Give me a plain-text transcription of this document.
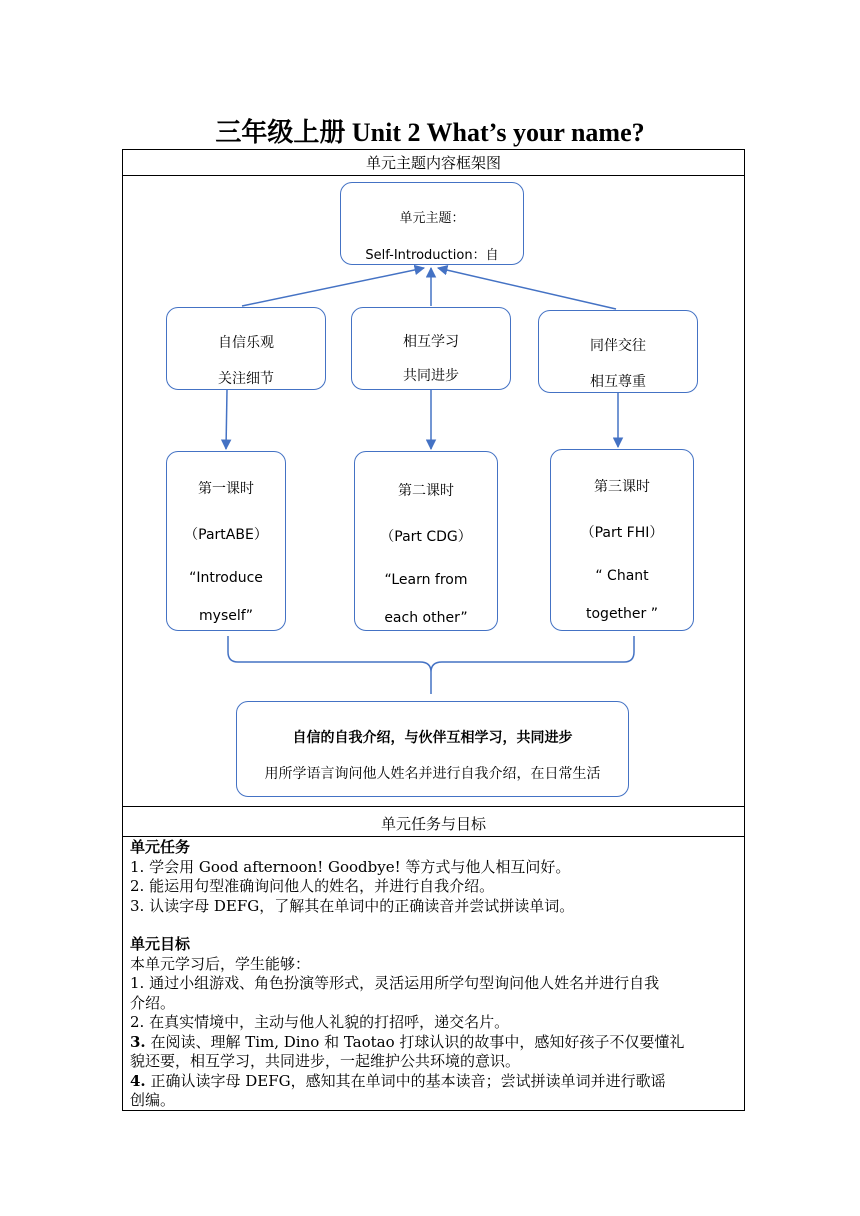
三年级上册 Unit 2 What’s your name?
单元主题内容框架图
单元主题：
Self-Introduction：自
自信乐观
关注细节
相互学习
共同进步
同伴交往
相互尊重
第一课时
（PartABE）
“Introduce
myself”
第二课时
（Part CDG）
“Learn from
each other”
第三课时
（Part FHI）
“ Chant
together ”
自信的自我介绍，与伙伴互相学习，共同进步
用所学语言询问他人姓名并进行自我介绍，在日常生活
单元任务与目标
单元任务
1. 学会用 Good afternoon! Goodbye! 等方式与他人相互问好。
2. 能运用句型准确询问他人的姓名，并进行自我介绍。
3. 认读字母 DEFG，了解其在单词中的正确读音并尝试拼读单词。
单元目标
本单元学习后，学生能够：
1. 通过小组游戏、角色扮演等形式，灵活运用所学句型询问他人姓名并进行自我
介绍。
2. 在真实情境中，主动与他人礼貌的打招呼，递交名片。
3. 在阅读、理解 Tim, Dino 和 Taotao 打球认识的故事中，感知好孩子不仅要懂礼
貌还要，相互学习，共同进步，一起维护公共环境的意识。
4. 正确认读字母 DEFG，感知其在单词中的基本读音；尝试拼读单词并进行歌谣
创编。
